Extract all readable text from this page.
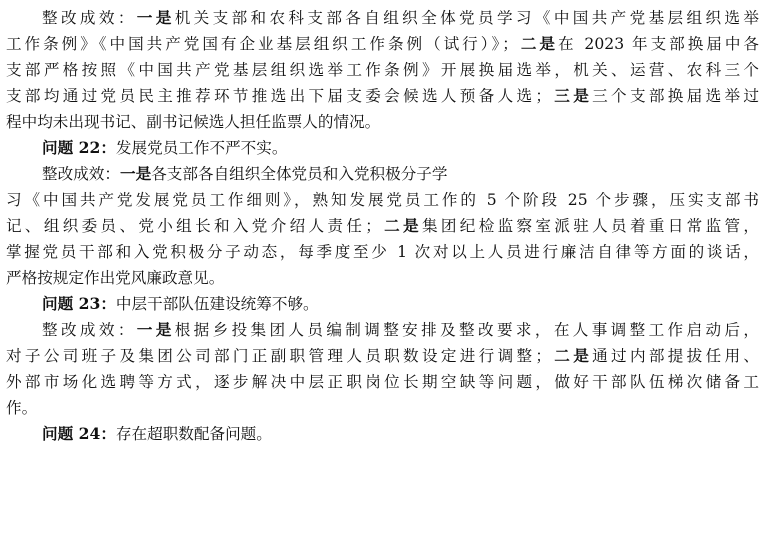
整改成效：一是机关支部和农科支部各自组织全体党员学习《中国共产党基层组织选举
工作条例》《中国共产党国有企业基层组织工作条例（试行）》；二是在 2023 年支部换届中各
支部严格按照《中国共产党基层组织选举工作条例》开展换届选举，机关、运营、农科三个
支部均通过党员民主推荐环节推选出下届支委会候选人预备人选；三是三个支部换届选举过
程中均未出现书记、副书记候选人担任监票人的情况。
问题 22：发展党员工作不严不实。
整改成效：一是各支部各自组织全体党员和入党积极分子学
习《中国共产党发展党员工作细则》，熟知发展党员工作的 5 个阶段 25 个步骤，压实支部书
记、组织委员、党小组长和入党介绍人责任；二是集团纪检监察室派驻人员着重日常监管，
掌握党员干部和入党积极分子动态，每季度至少 1 次对以上人员进行廉洁自律等方面的谈话，
严格按规定作出党风廉政意见。
问题 23：中层干部队伍建设统筹不够。
整改成效：一是根据乡投集团人员编制调整安排及整改要求，在人事调整工作启动后，
对子公司班子及集团公司部门正副职管理人员职数设定进行调整；二是通过内部提拔任用、
外部市场化选聘等方式，逐步解决中层正职岗位长期空缺等问题，做好干部队伍梯次储备工
作。
问题 24：存在超职数配备问题。
